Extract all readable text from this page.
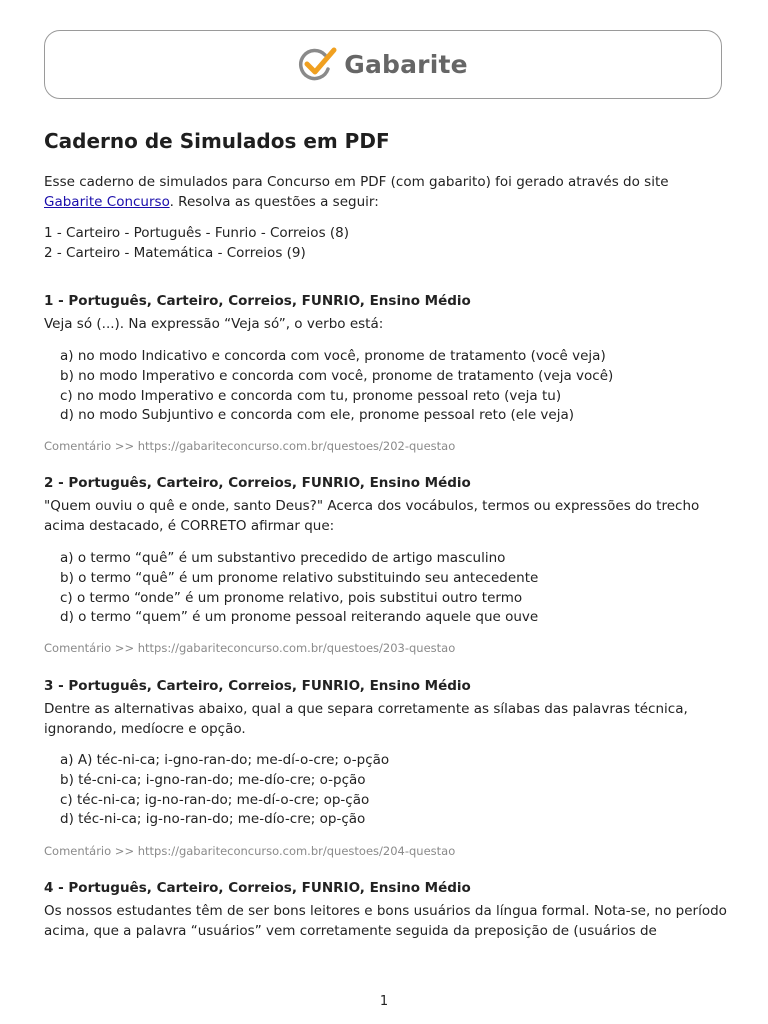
Gabarite
Caderno de Simulados em PDF

Esse caderno de simulados para Concurso em PDF (com gabarito) foi gerado através do site Gabarite Concurso. Resolva as questões a seguir:

1 - Carteiro - Português - Funrio - Correios (8)
2 - Carteiro - Matemática - Correios (9)

1 - Português, Carteiro, Correios, FUNRIO, Ensino Médio

Veja só (...). Na expressão “Veja só”, o verbo está:

a) no modo Indicativo e concorda com você, pronome de tratamento (você veja)
b) no modo Imperativo e concorda com você, pronome de tratamento (veja você)
c) no modo Imperativo e concorda com tu, pronome pessoal reto (veja tu)
d) no modo Subjuntivo e concorda com ele, pronome pessoal reto (ele veja)

Comentário >> https://gabariteconcurso.com.br/questoes/202-questao

2 - Português, Carteiro, Correios, FUNRIO, Ensino Médio

"Quem ouviu o quê e onde, santo Deus?" Acerca dos vocábulos, termos ou expressões do trecho acima destacado, é CORRETO afirmar que:

a) o termo “quê” é um substantivo precedido de artigo masculino
b) o termo “quê” é um pronome relativo substituindo seu antecedente
c) o termo “onde” é um pronome relativo, pois substitui outro termo
d) o termo “quem” é um pronome pessoal reiterando aquele que ouve

Comentário >> https://gabariteconcurso.com.br/questoes/203-questao

3 - Português, Carteiro, Correios, FUNRIO, Ensino Médio

Dentre as alternativas abaixo, qual a que separa corretamente as sílabas das palavras técnica, ignorando, medíocre e opção.

a) A) téc-ni-ca; i-gno-ran-do; me-dí-o-cre; o-pção
b) té-cni-ca; i-gno-ran-do; me-dío-cre; o-pção
c) téc-ni-ca; ig-no-ran-do; me-dí-o-cre; op-ção
d) téc-ni-ca; ig-no-ran-do; me-dío-cre; op-ção

Comentário >> https://gabariteconcurso.com.br/questoes/204-questao

4 - Português, Carteiro, Correios, FUNRIO, Ensino Médio

Os nossos estudantes têm de ser bons leitores e bons usuários da língua formal. Nota-se, no período acima, que a palavra “usuários” vem corretamente seguida da preposição de (usuários de

1
